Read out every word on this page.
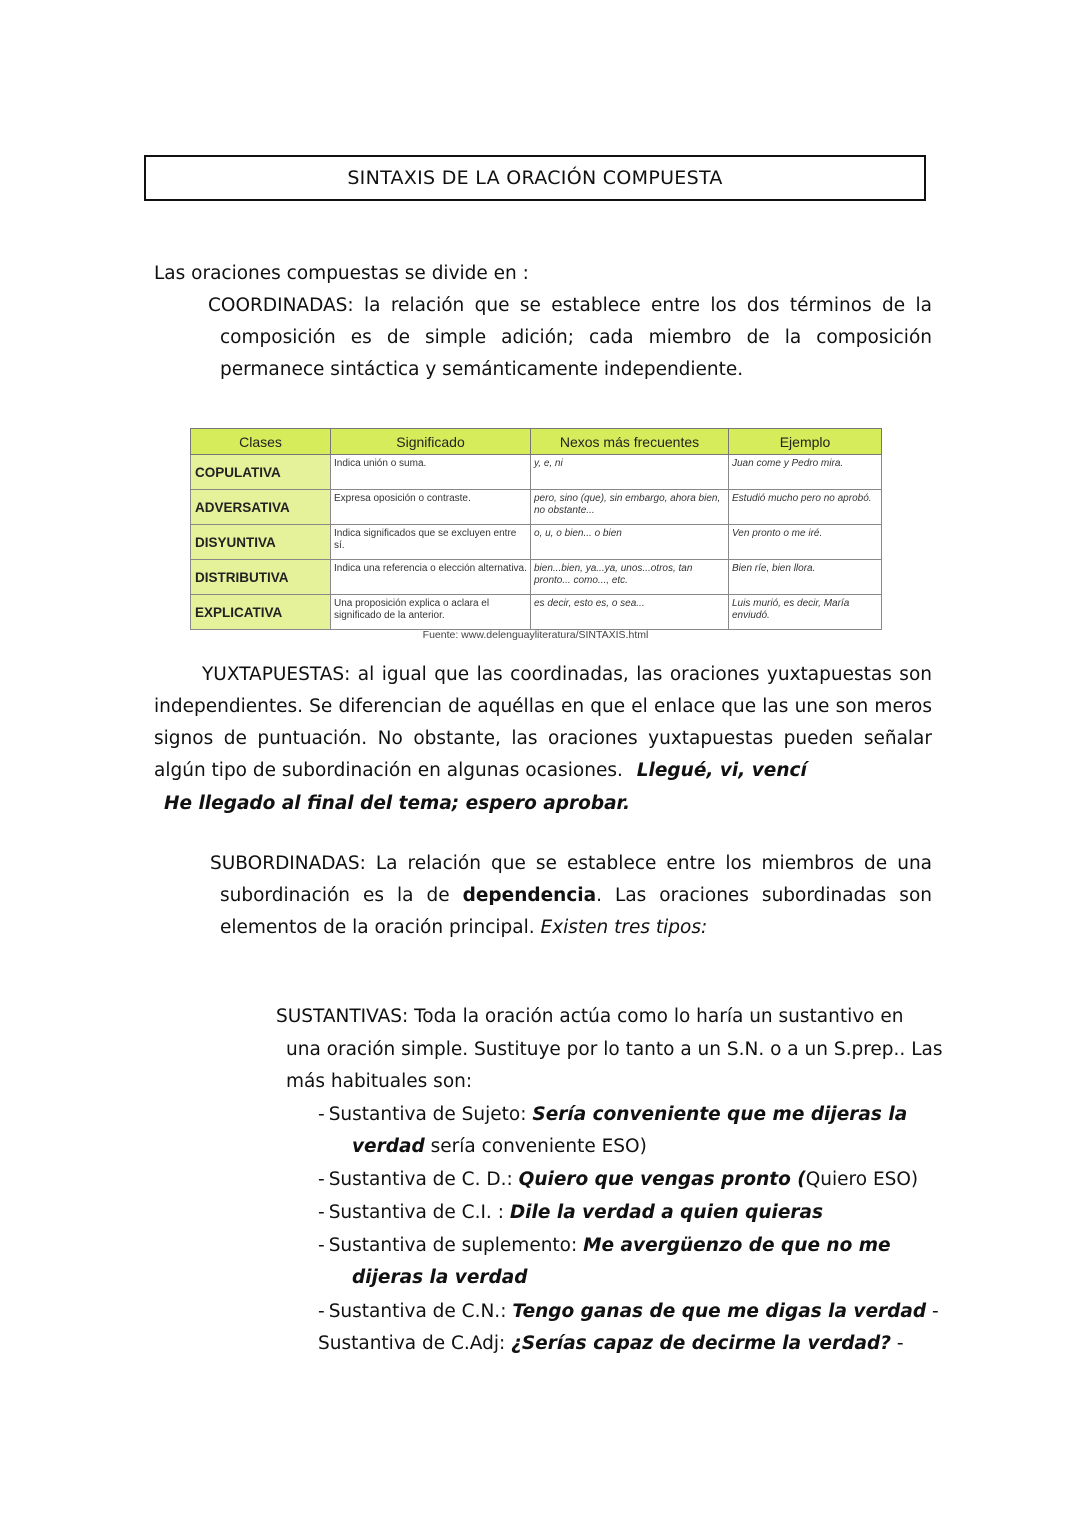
SINTAXIS DE LA ORACIÓN COMPUESTA
Las oraciones compuestas se divide en :
COORDINADAS: la relación que se establece entre los dos términos de la
composición es de simple adición; cada miembro de la composición
permanece sintáctica y semánticamente independiente.
Clases	Significado	Nexos más frecuentes	Ejemplo
COPULATIVA	Indica unión o suma.	y, e, ni	Juan come y Pedro mira.
ADVERSATIVA	Expresa oposición o contraste.	pero, sino (que), sin embargo, ahora bien, no obstante...	Estudió mucho pero no aprobó.
DISYUNTIVA	Indica significados que se excluyen entre sí.	o, u, o bien... o bien	Ven pronto o me iré.
DISTRIBUTIVA	Indica una referencia o elección alternativa.	bien...bien, ya...ya, unos...otros, tan pronto... como..., etc.	Bien ríe, bien llora.
EXPLICATIVA	Una proposición explica o aclara el significado de la anterior.	es decir, esto es, o sea...	Luis murió, es decir, María enviudó.
Fuente: www.delenguayliteratura/SINTAXIS.html
YUXTAPUESTAS: al igual que las coordinadas, las oraciones yuxtapuestas son
independientes. Se diferencian de aquéllas en que el enlace que las une son meros
signos de puntuación. No obstante, las oraciones yuxtapuestas pueden señalar
algún tipo de subordinación en algunas ocasiones. Llegué, vi, vencí
He llegado al final del tema; espero aprobar.
SUBORDINADAS: La relación que se establece entre los miembros de una
subordinación es la de dependencia. Las oraciones subordinadas son
elementos de la oración principal. Existen tres tipos:
SUSTANTIVAS: Toda la oración actúa como lo haría un sustantivo en
una oración simple. Sustituye por lo tanto a un S.N. o a un S.prep.. Las
más habituales son:
- Sustantiva de Sujeto: Sería conveniente que me dijeras la
verdad sería conveniente ESO)
- Sustantiva de C. D.: Quiero que vengas pronto (Quiero ESO)
- Sustantiva de C.I. : Dile la verdad a quien quieras
- Sustantiva de suplemento: Me avergüenzo de que no me
dijeras la verdad
- Sustantiva de C.N.: Tengo ganas de que me digas la verdad -
Sustantiva de C.Adj: ¿Serías capaz de decirme la verdad? -
